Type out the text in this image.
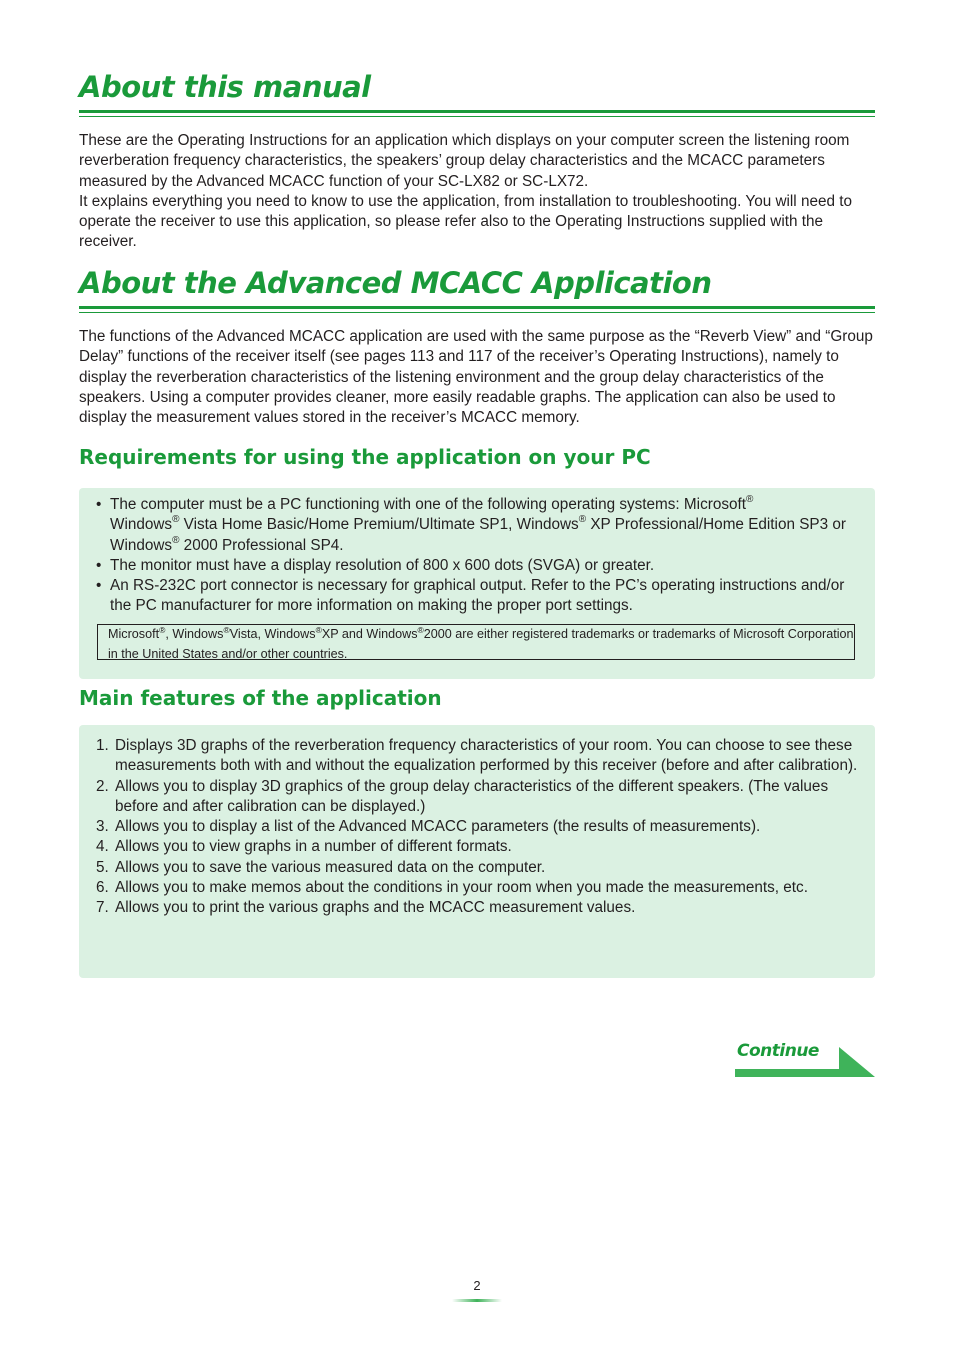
About this manual

These are the Operating Instructions for an application which displays on your computer screen the listening room reverberation frequency characteristics, the speakers’ group delay characteristics and the MCACC parameters measured by the Advanced MCACC function of your SC-LX82 or SC-LX72.
It explains everything you need to know to use the application, from installation to troubleshooting. You will need to operate the receiver to use this application, so please refer also to the Operating Instructions supplied with the receiver.

About the Advanced MCACC Application

The functions of the Advanced MCACC application are used with the same purpose as the “Reverb View” and “Group Delay” functions of the receiver itself (see pages 113 and 117 of the receiver’s Operating Instructions), namely to display the reverberation characteristics of the listening environment and the group delay characteristics of the speakers. Using a computer provides cleaner, more easily readable graphs. The application can also be used to display the measurement values stored in the receiver’s MCACC memory.

Requirements for using the application on your PC
• The computer must be a PC functioning with one of the following operating systems: Microsoft®
Windows® Vista Home Basic/Home Premium/Ultimate SP1, Windows® XP Professional/Home Edition SP3 or Windows® 2000 Professional SP4.
• The monitor must have a display resolution of 800 x 600 dots (SVGA) or greater.
• An RS-232C port connector is necessary for graphical output. Refer to the PC’s operating instructions and/or the PC manufacturer for more information on making the proper port settings.
Microsoft®, Windows®Vista, Windows®XP and Windows®2000 are either registered trademarks or trademarks of Microsoft Corporation in the United States and/or other countries.
Main features of the application
1. Displays 3D graphs of the reverberation frequency characteristics of your room. You can choose to see these measurements both with and without the equalization performed by this receiver (before and after calibration).
2. Allows you to display 3D graphics of the group delay characteristics of the different speakers. (The values before and after calibration can be displayed.)
3. Allows you to display a list of the Advanced MCACC parameters (the results of measurements).
4. Allows you to view graphs in a number of different formats.
5. Allows you to save the various measured data on the computer.
6. Allows you to make memos about the conditions in your room when you made the measurements, etc.
7. Allows you to print the various graphs and the MCACC measurement values.
Continue
2
